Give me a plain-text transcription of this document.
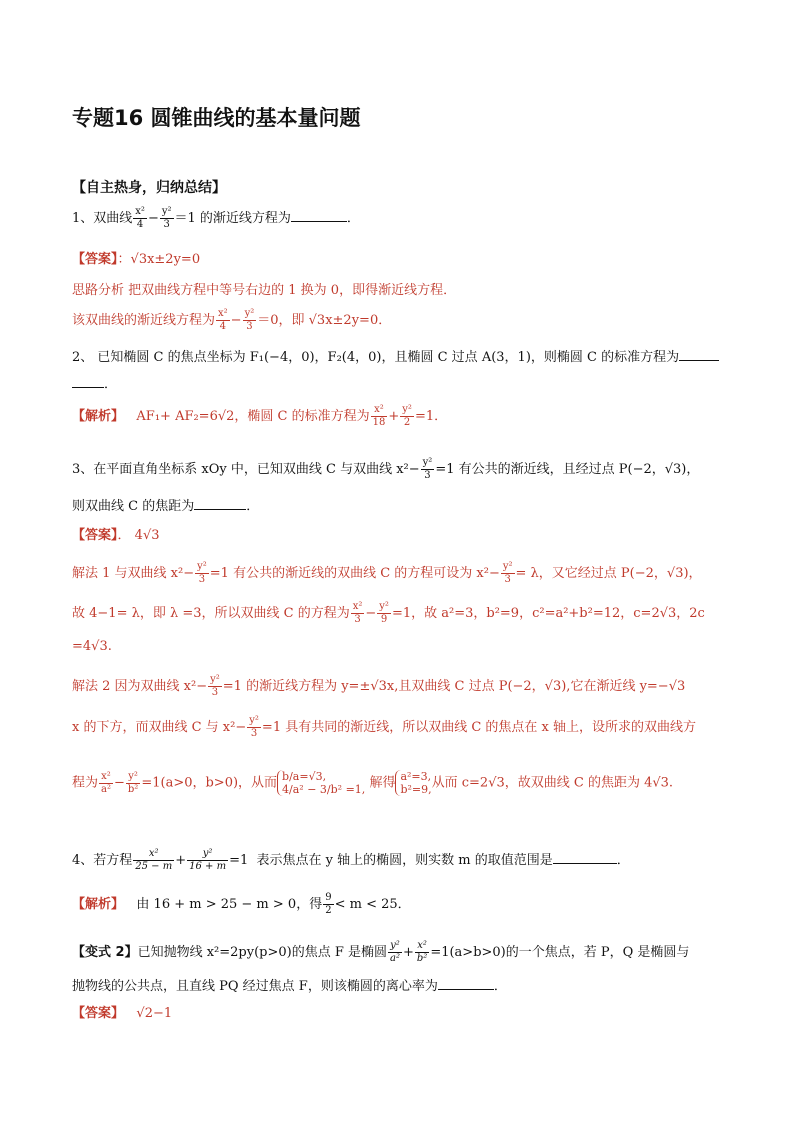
专题16 圆锥曲线的基本量问题
【自主热身，归纳总结】
1、双曲线 $\frac{\text{x²}}{4} - \frac{\text{y²}}{3} =1$ 的渐近线方程为	．
【答案】：√3x±2y=0
思路分析 把双曲线方程中等号右边的 1 换为 0，即得渐近线方程．
该双曲线的渐近线方程为 $\frac{\text{x²}}{4} - \frac{\text{y²}}{3} =0$，即 √3x±2y=0．
2、 已知椭圆 C 的焦点坐标为 F₁(−4，0)，F₂(4，0)，且椭圆 C 过点 A(3，1)，则椭圆 C 的标准方程为
．
【解析】 AF₁+ AF₂=6√2，椭圆 C 的标准方程为 $\frac{\text{x²}}{18} + \frac{\text{y²}}{2} =1$．
3、在平面直角坐标系 xOy 中，已知双曲线 C 与双曲线 $x^2- \frac{\text{y²}}{3} =1$ 有公共的渐近线，且经过点 P(−2，√3)，
则双曲线 C 的焦距为	．
【答案】． 4√3
解法 1 与双曲线 $x^2- \frac{\text{y²}}{3} =1$ 有公共的渐近线的双曲线 C 的方程可设为 $x^2- \frac{\text{y²}}{3} = \lambda$，又它经过点 P(−2，√3)，
故 4−1= λ，即 λ =3，所以双曲线 C 的方程为 $\frac{\text{x²}}{3} - \frac{\text{y²}}{9} =1$，故 a²=3，b²=9，c²=a²+b²=12，c=2√3，2c
=4√3.
解法 2 因为双曲线 $x^2- \frac{\text{y²}}{3} =1$ 的渐近线方程为 y=±√3x,且双曲线 C 过点 P(−2，√3),它在渐近线 y=−√3
x 的下方，而双曲线 C 与 $x^2- \frac{\text{y²}}{3} =1$ 具有共同的渐近线，所以双曲线 C 的焦点在 x 轴上，设所求的双曲线方
程为 $\frac{\text{x²}}{\text{a²}} - \frac{\text{y²}}{\text{b²}} =1(a>0$，b>0)，从而 b/a=√3,
4/a² − 3/b² =1, 解得 a²=3,
b²=9, 从而 c=2√3，故双曲线 C 的焦距为 4√3.
4、若方程 $\frac{\text{x²}}{25 - m} + \frac{\text{y²}}{16 + m} =1$ 表示焦点在 y 轴上的椭圆，则实数 m 的取值范围是	．
【解析】 由 16 + m > 25 − m > 0，得 $\frac{9}{2} < m < 25$．
【变式 2】已知抛物线 x²=2py(p>0)的焦点 F 是椭圆 $\frac{\text{y²}}{\text{a²}} + \frac{\text{x²}}{\text{b²}} =1(a>b>0)$的一个焦点，若 P，Q 是椭圆与
抛物线的公共点，且直线 PQ 经过焦点 F，则该椭圆的离心率为	．
【答案】 √2−1
